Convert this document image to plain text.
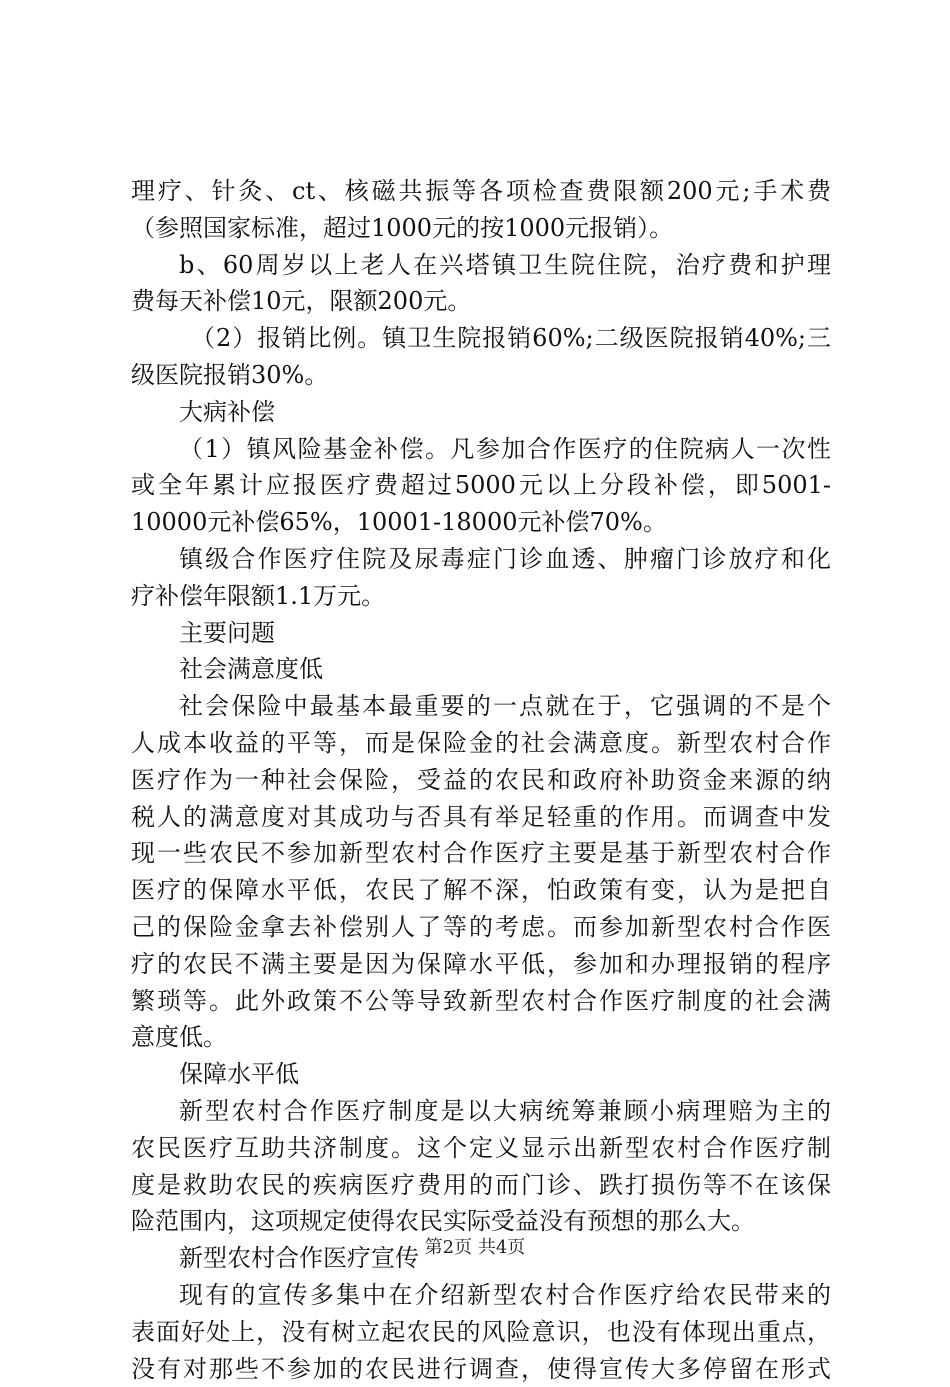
理疗、针灸、ct、核磁共振等各项检查费限额200元;手术费
（参照国家标准，超过1000元的按1000元报销）。
b、60周岁以上老人在兴塔镇卫生院住院，治疗费和护理
费每天补偿10元，限额200元。
（2）报销比例。镇卫生院报销60%;二级医院报销40%;三
级医院报销30%。
大病补偿
（1）镇风险基金补偿。凡参加合作医疗的住院病人一次性
或全年累计应报医疗费超过5000元以上分段补偿，即5001-
10000元补偿65%，10001-18000元补偿70%。
镇级合作医疗住院及尿毒症门诊血透、肿瘤门诊放疗和化
疗补偿年限额1.1万元。
主要问题
社会满意度低
社会保险中最基本最重要的一点就在于，它强调的不是个
人成本收益的平等，而是保险金的社会满意度。新型农村合作
医疗作为一种社会保险，受益的农民和政府补助资金来源的纳
税人的满意度对其成功与否具有举足轻重的作用。而调查中发
现一些农民不参加新型农村合作医疗主要是基于新型农村合作
医疗的保障水平低，农民了解不深，怕政策有变，认为是把自
己的保险金拿去补偿别人了等的考虑。而参加新型农村合作医
疗的农民不满主要是因为保障水平低，参加和办理报销的程序
繁琐等。此外政策不公等导致新型农村合作医疗制度的社会满
意度低。
保障水平低
新型农村合作医疗制度是以大病统筹兼顾小病理赔为主的
农民医疗互助共济制度。这个定义显示出新型农村合作医疗制
度是救助农民的疾病医疗费用的而门诊、跌打损伤等不在该保
险范围内，这项规定使得农民实际受益没有预想的那么大。
新型农村合作医疗宣传
现有的宣传多集中在介绍新型农村合作医疗给农民带来的
表面好处上，没有树立起农民的风险意识，也没有体现出重点，
没有对那些不参加的农民进行调查，使得宣传大多停留在形式
第2页 共4页
